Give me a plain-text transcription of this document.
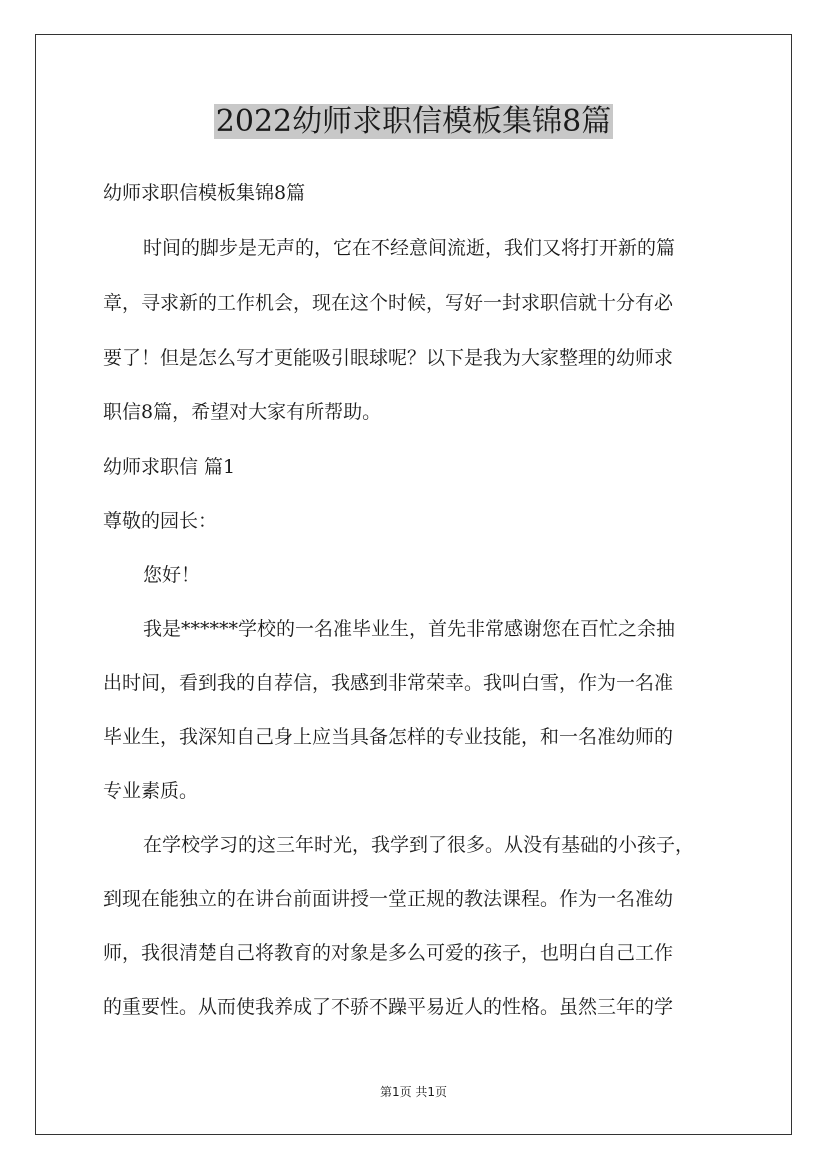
2022幼师求职信模板集锦8篇
幼师求职信模板集锦8篇
时间的脚步是无声的，它在不经意间流逝，我们又将打开新的篇
章，寻求新的工作机会，现在这个时候，写好一封求职信就十分有必
要了！但是怎么写才更能吸引眼球呢？以下是我为大家整理的幼师求
职信8篇，希望对大家有所帮助。
幼师求职信 篇1
尊敬的园长：
您好！
我是******学校的一名准毕业生，首先非常感谢您在百忙之余抽
出时间，看到我的自荐信，我感到非常荣幸。我叫白雪，作为一名准
毕业生，我深知自己身上应当具备怎样的专业技能，和一名准幼师的
专业素质。
在学校学习的这三年时光，我学到了很多。从没有基础的小孩子，
到现在能独立的在讲台前面讲授一堂正规的教法课程。作为一名准幼
师，我很清楚自己将教育的对象是多么可爱的孩子，也明白自己工作
的重要性。从而使我养成了不骄不躁平易近人的性格。虽然三年的学
第1页 共1页
